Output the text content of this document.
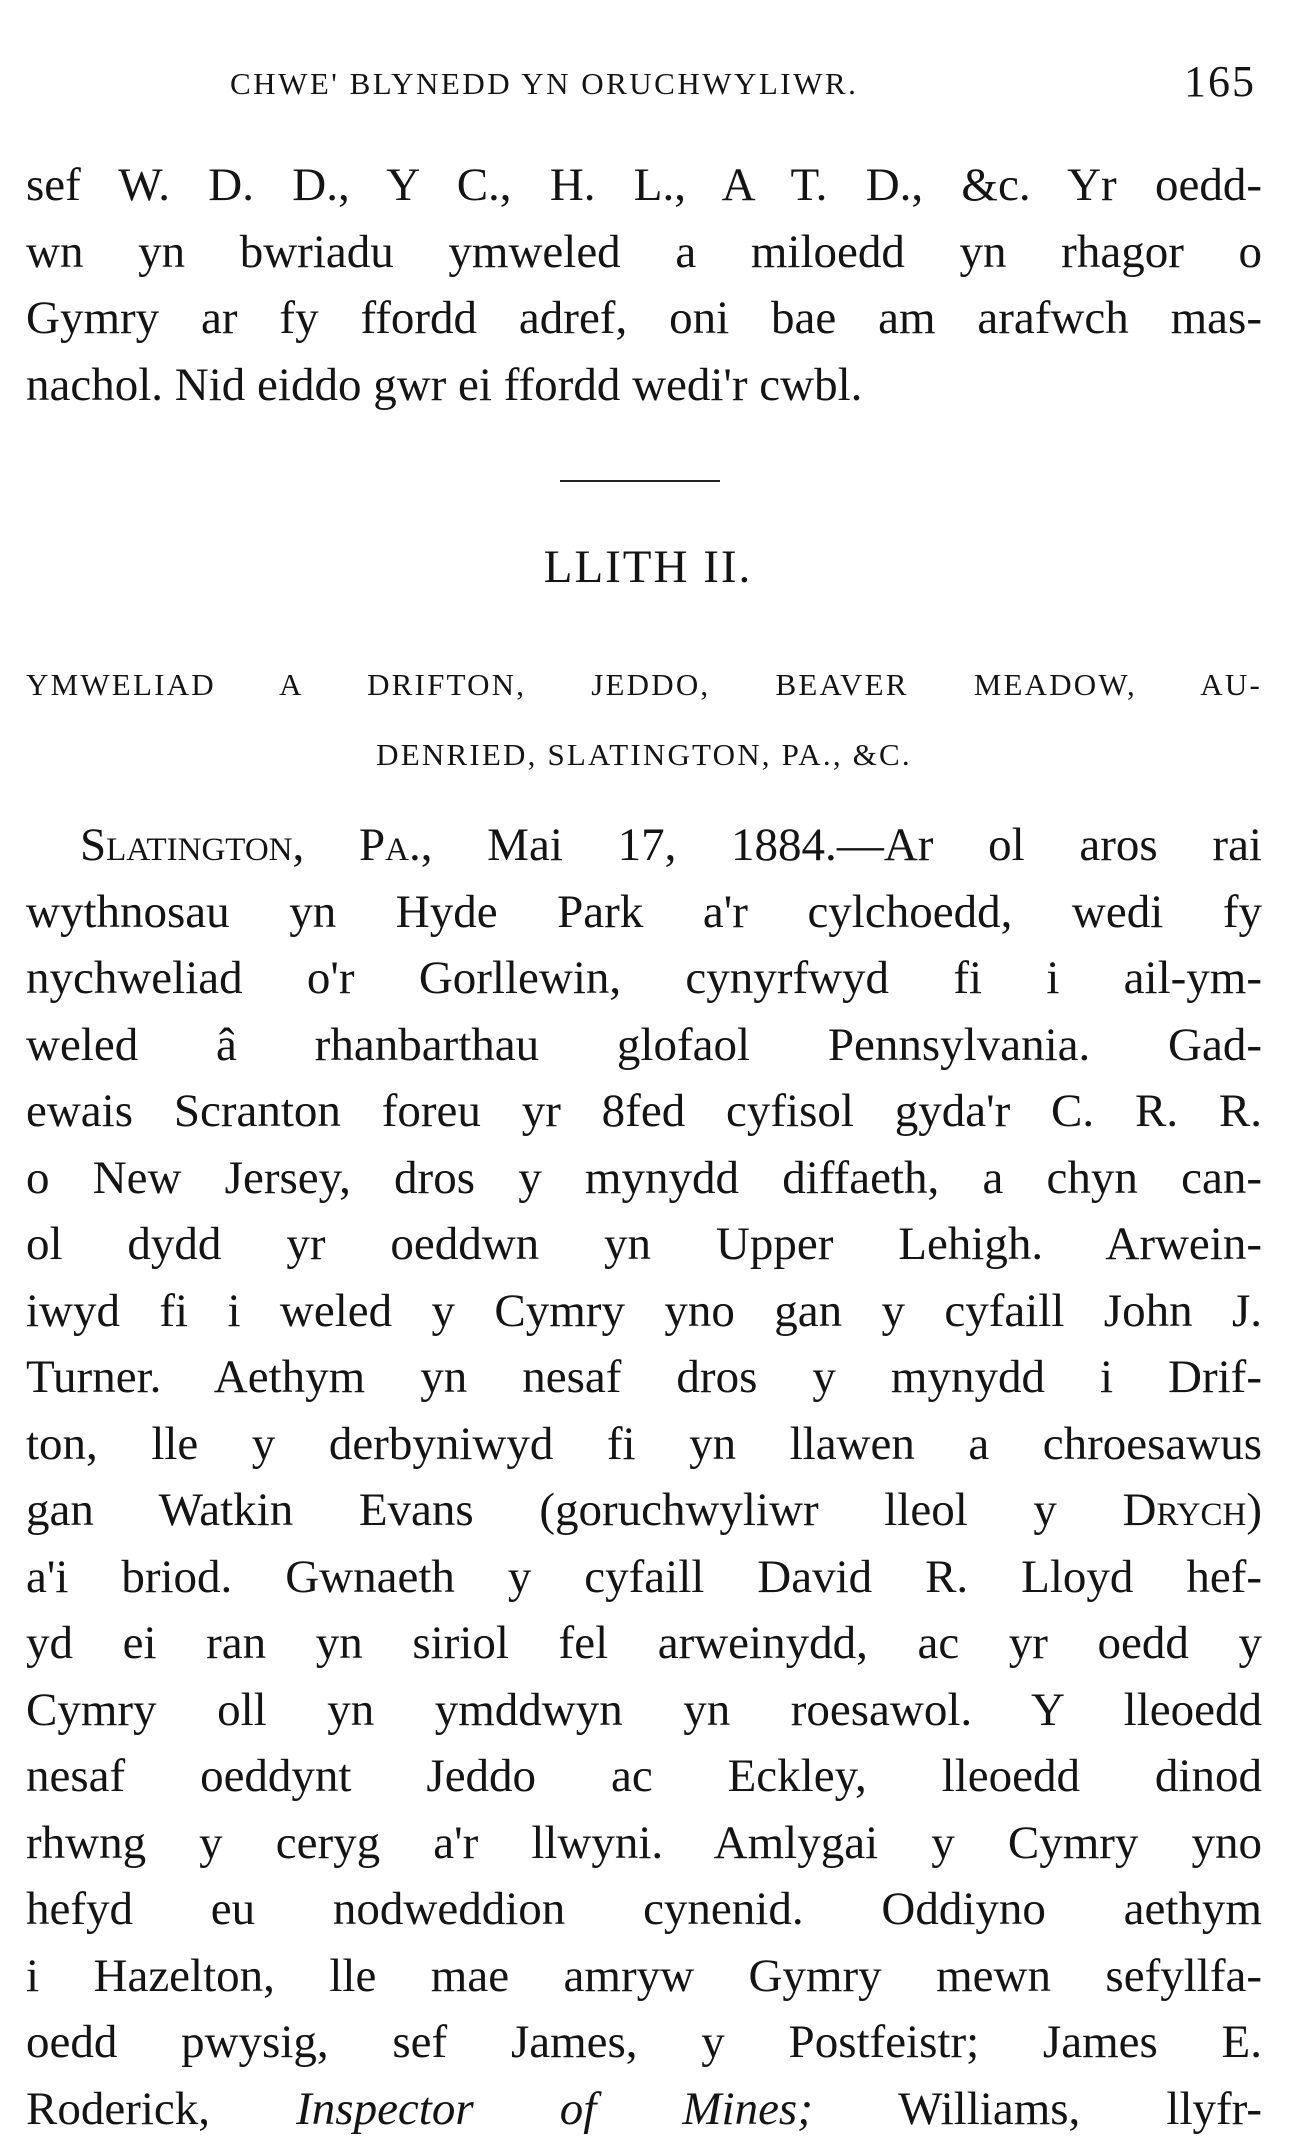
CHWE' BLYNEDD YN ORUCHWYLIWR.	165
sef W. D. D., Y C., H. L., A T. D., &c. Yr oedd-
wn yn bwriadu ymweled a miloedd yn rhagor o
Gymry ar fy ffordd adref, oni bae am arafwch mas-
nachol. Nid eiddo gwr ei ffordd wedi'r cwbl.
LLITH II.
YMWELIAD A DRIFTON, JEDDO, BEAVER MEADOW, AU-
DENRIED, SLATINGTON, PA., &C.
Slatington, Pa., Mai 17, 1884.—Ar ol aros rai
wythnosau yn Hyde Park a'r cylchoedd, wedi fy
nychweliad o'r Gorllewin, cynyrfwyd fi i ail-ym-
weled â rhanbarthau glofaol Pennsylvania. Gad-
ewais Scranton foreu yr 8fed cyfisol gyda'r C. R. R.
o New Jersey, dros y mynydd diffaeth, a chyn can-
ol dydd yr oeddwn yn Upper Lehigh. Arwein-
iwyd fi i weled y Cymry yno gan y cyfaill John J.
Turner. Aethym yn nesaf dros y mynydd i Drif-
ton, lle y derbyniwyd fi yn llawen a chroesawus
gan Watkin Evans (goruchwyliwr lleol y Drych)
a'i briod. Gwnaeth y cyfaill David R. Lloyd hef-
yd ei ran yn siriol fel arweinydd, ac yr oedd y
Cymry oll yn ymddwyn yn roesawol. Y lleoedd
nesaf oeddynt Jeddo ac Eckley, lleoedd dinod
rhwng y ceryg a'r llwyni. Amlygai y Cymry yno
hefyd eu nodweddion cynenid. Oddiyno aethym
i Hazelton, lle mae amryw Gymry mewn sefyllfa-
oedd pwysig, sef James, y Postfeistr; James E.
Roderick, Inspector of Mines; Williams, llyfr-
